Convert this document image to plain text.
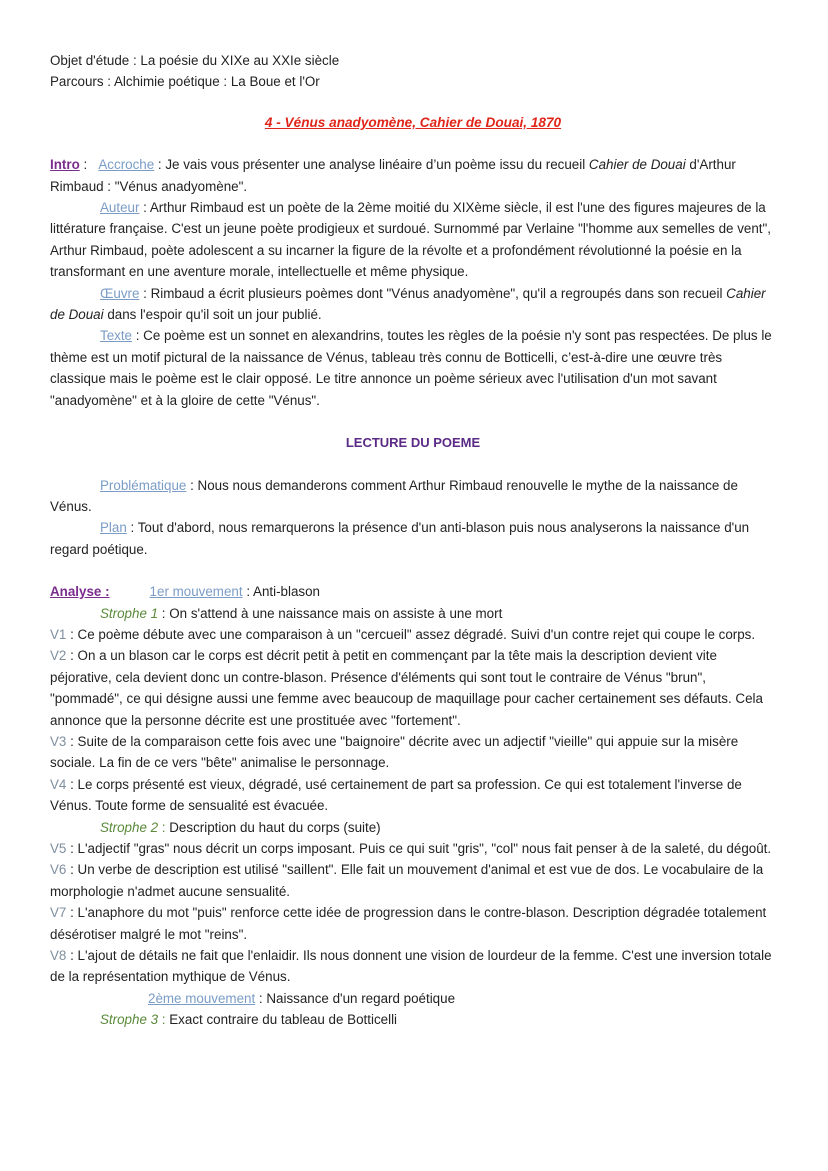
Objet d'étude : La poésie du XIXe au XXIe siècle

Parcours : Alchimie poétique : La Boue et l'Or

4 - Vénus anadyomène, Cahier de Douai, 1870

Intro : Accroche : Je vais vous présenter une analyse linéaire d’un poème issu du recueil Cahier de Douai d'Arthur Rimbaud : "Vénus anadyomène".

Auteur : Arthur Rimbaud est un poète de la 2ème moitié du XIXème siècle, il est l'une des figures majeures de la littérature française. C'est un jeune poète prodigieux et surdoué. Surnommé par Verlaine "l'homme aux semelles de vent", Arthur Rimbaud, poète adolescent a su incarner la figure de la révolte et a profondément révolutionné la poésie en la transformant en une aventure morale, intellectuelle et même physique.

Œuvre : Rimbaud a écrit plusieurs poèmes dont "Vénus anadyomène", qu'il a regroupés dans son recueil Cahier de Douai dans l'espoir qu'il soit un jour publié.

Texte : Ce poème est un sonnet en alexandrins, toutes les règles de la poésie n'y sont pas respectées. De plus le thème est un motif pictural de la naissance de Vénus, tableau très connu de Botticelli, c’est-à-dire une œuvre très classique mais le poème est le clair opposé. Le titre annonce un poème sérieux avec l'utilisation d'un mot savant "anadyomène" et à la gloire de cette "Vénus".

LECTURE DU POEME

Problématique : Nous nous demanderons comment Arthur Rimbaud renouvelle le mythe de la naissance de Vénus.

Plan : Tout d'abord, nous remarquerons la présence d'un anti-blason puis nous analyserons la naissance d'un regard poétique.

Analyse :	1er mouvement : Anti-blason

Strophe 1 : On s'attend à une naissance mais on assiste à une mort

V1 : Ce poème débute avec une comparaison à un "cercueil" assez dégradé. Suivi d'un contre rejet qui coupe le corps.

V2 : On a un blason car le corps est décrit petit à petit en commençant par la tête mais la description devient vite péjorative, cela devient donc un contre-blason. Présence d'éléments qui sont tout le contraire de Vénus "brun", "pommadé", ce qui désigne aussi une femme avec beaucoup de maquillage pour cacher certainement ses défauts. Cela annonce que la personne décrite est une prostituée avec "fortement".

V3 : Suite de la comparaison cette fois avec une "baignoire" décrite avec un adjectif "vieille" qui appuie sur la misère sociale. La fin de ce vers "bête" animalise le personnage.

V4 : Le corps présenté est vieux, dégradé, usé certainement de part sa profession. Ce qui est totalement l'inverse de Vénus. Toute forme de sensualité est évacuée.

Strophe 2 : Description du haut du corps (suite)

V5 : L'adjectif "gras" nous décrit un corps imposant. Puis ce qui suit "gris", "col" nous fait penser à de la saleté, du dégoût.

V6 : Un verbe de description est utilisé "saillent". Elle fait un mouvement d'animal et est vue de dos. Le vocabulaire de la morphologie n'admet aucune sensualité.

V7 : L'anaphore du mot "puis" renforce cette idée de progression dans le contre-blason. Description dégradée totalement désérotiser malgré le mot "reins".

V8 : L'ajout de détails ne fait que l'enlaidir. Ils nous donnent une vision de lourdeur de la femme. C'est une inversion totale de la représentation mythique de Vénus.

2ème mouvement : Naissance d'un regard poétique

Strophe 3 : Exact contraire du tableau de Botticelli
